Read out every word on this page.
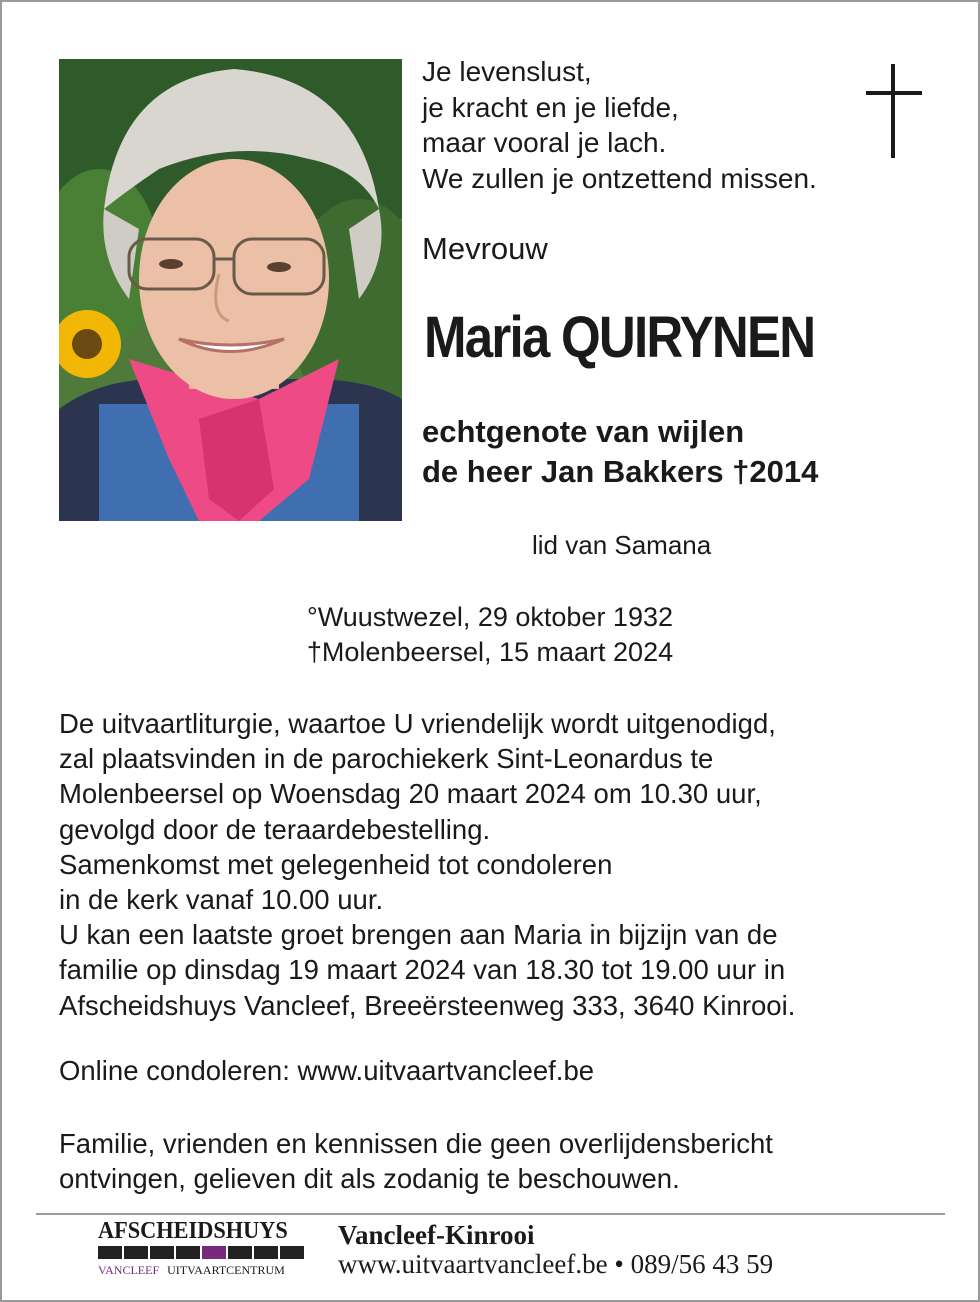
Je levenslust,
je kracht en je liefde,
maar vooral je lach.
We zullen je ontzettend missen.
Mevrouw
Maria QUIRYNEN
echtgenote van wijlen
de heer Jan Bakkers †2014
lid van Samana
°Wuustwezel, 29 oktober 1932
†Molenbeersel, 15 maart 2024
De uitvaartliturgie, waartoe U vriendelijk wordt uitgenodigd,
zal plaatsvinden in de parochiekerk Sint-Leonardus te
Molenbeersel op Woensdag 20 maart 2024 om 10.30 uur,
gevolgd door de teraardebestelling.
Samenkomst met gelegenheid tot condoleren
in de kerk vanaf 10.00 uur.
U kan een laatste groet brengen aan Maria in bijzijn van de
familie op dinsdag 19 maart 2024 van 18.30 tot 19.00 uur in
Afscheidshuys Vancleef, Breeërsteenweg 333, 3640 Kinrooi.
Online condoleren: www.uitvaartvancleef.be
Familie, vrienden en kennissen die geen overlijdensbericht
ontvingen, gelieven dit als zodanig te beschouwen.
AFSCHEIDSHUYS
VANCLEEF UITVAARTCENTRUM
Vancleef-Kinrooi
www.uitvaartvancleef.be • 089/56 43 59
